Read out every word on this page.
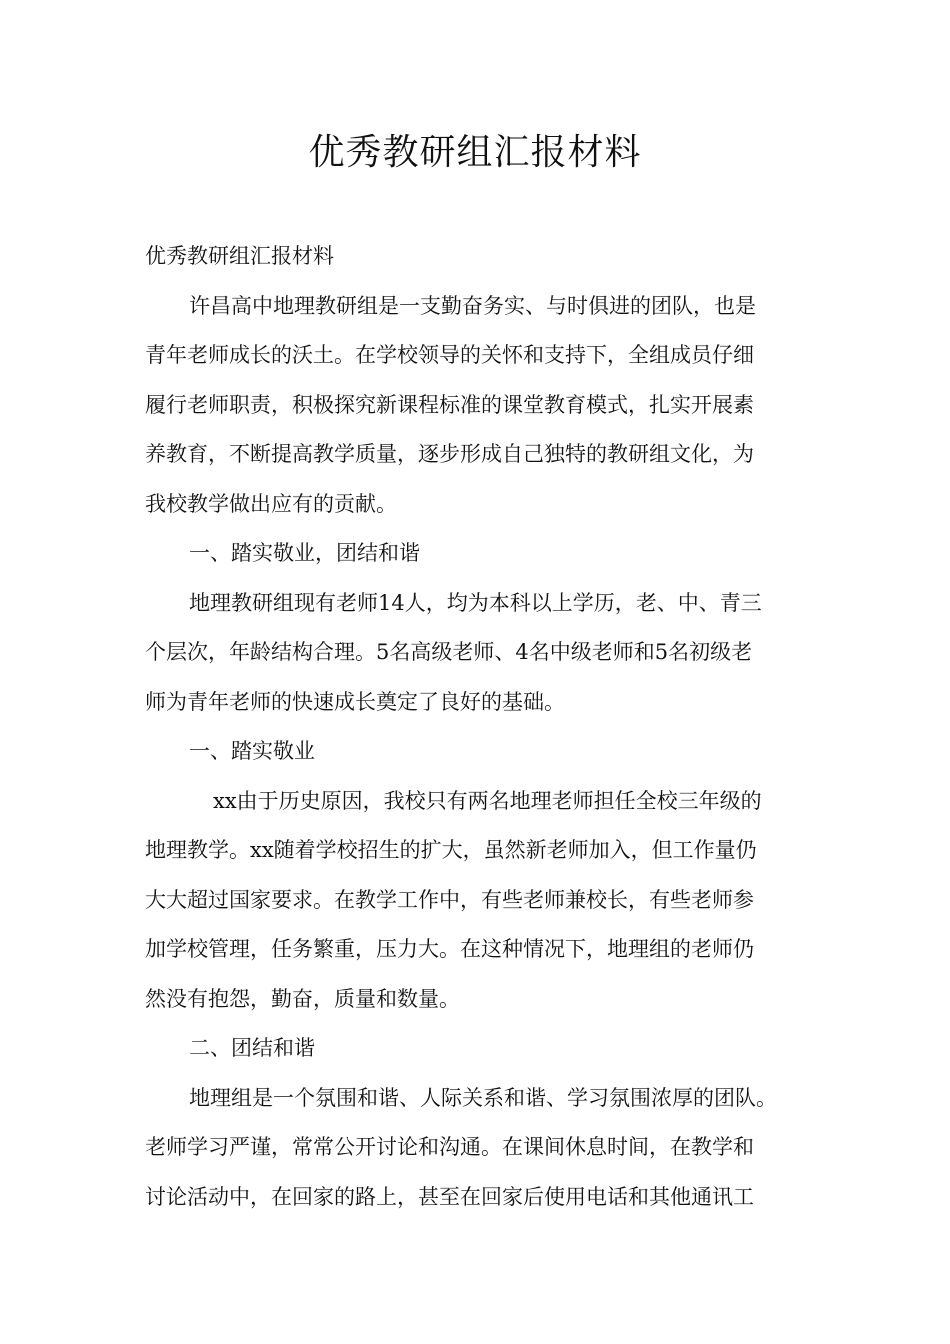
优秀教研组汇报材料
优秀教研组汇报材料
许昌高中地理教研组是一支勤奋务实、与时俱进的团队，也是
青年老师成长的沃土。在学校领导的关怀和支持下，全组成员仔细
履行老师职责，积极探究新课程标准的课堂教育模式，扎实开展素
养教育，不断提高教学质量，逐步形成自己独特的教研组文化，为
我校教学做出应有的贡献。
一、踏实敬业，团结和谐
地理教研组现有老师14人，均为本科以上学历，老、中、青三
个层次，年龄结构合理。5名高级老师、4名中级老师和5名初级老
师为青年老师的快速成长奠定了良好的基础。
一、踏实敬业
xx由于历史原因，我校只有两名地理老师担任全校三年级的
地理教学。xx随着学校招生的扩大，虽然新老师加入，但工作量仍
大大超过国家要求。在教学工作中，有些老师兼校长，有些老师参
加学校管理，任务繁重，压力大。在这种情况下，地理组的老师仍
然没有抱怨，勤奋，质量和数量。
二、团结和谐
地理组是一个氛围和谐、人际关系和谐、学习氛围浓厚的团队。
老师学习严谨，常常公开讨论和沟通。在课间休息时间，在教学和
讨论活动中，在回家的路上，甚至在回家后使用电话和其他通讯工
